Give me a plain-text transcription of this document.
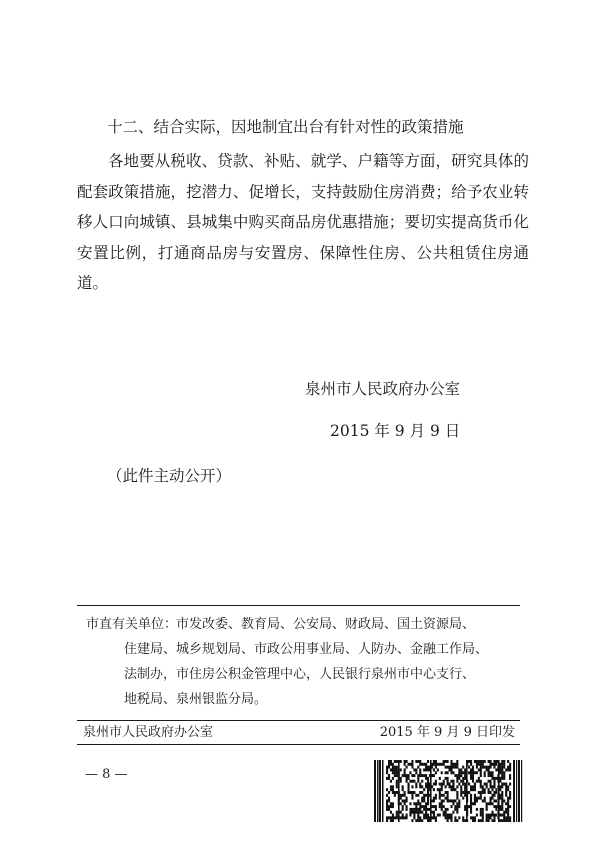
十二、结合实际，因地制宜出台有针对性的政策措施

各地要从税收、贷款、补贴、就学、户籍等方面，研究具体的配套政策措施，挖潜力、促增长，支持鼓励住房消费；给予农业转移人口向城镇、县城集中购买商品房优惠措施；要切实提高货币化安置比例，打通商品房与安置房、保障性住房、公共租赁住房通道。

泉州市人民政府办公室
2015 年 9 月 9 日
（此件主动公开）
市直有关单位：
市发改委、教育局、公安局、财政局、国土资源局、
住建局、城乡规划局、市政公用事业局、人防办、金融工作局、
法制办，市住房公积金管理中心，人民银行泉州市中心支行、
地税局、泉州银监分局。
泉州市人民政府办公室	2015 年 9 月 9 日印发
— 8 —
